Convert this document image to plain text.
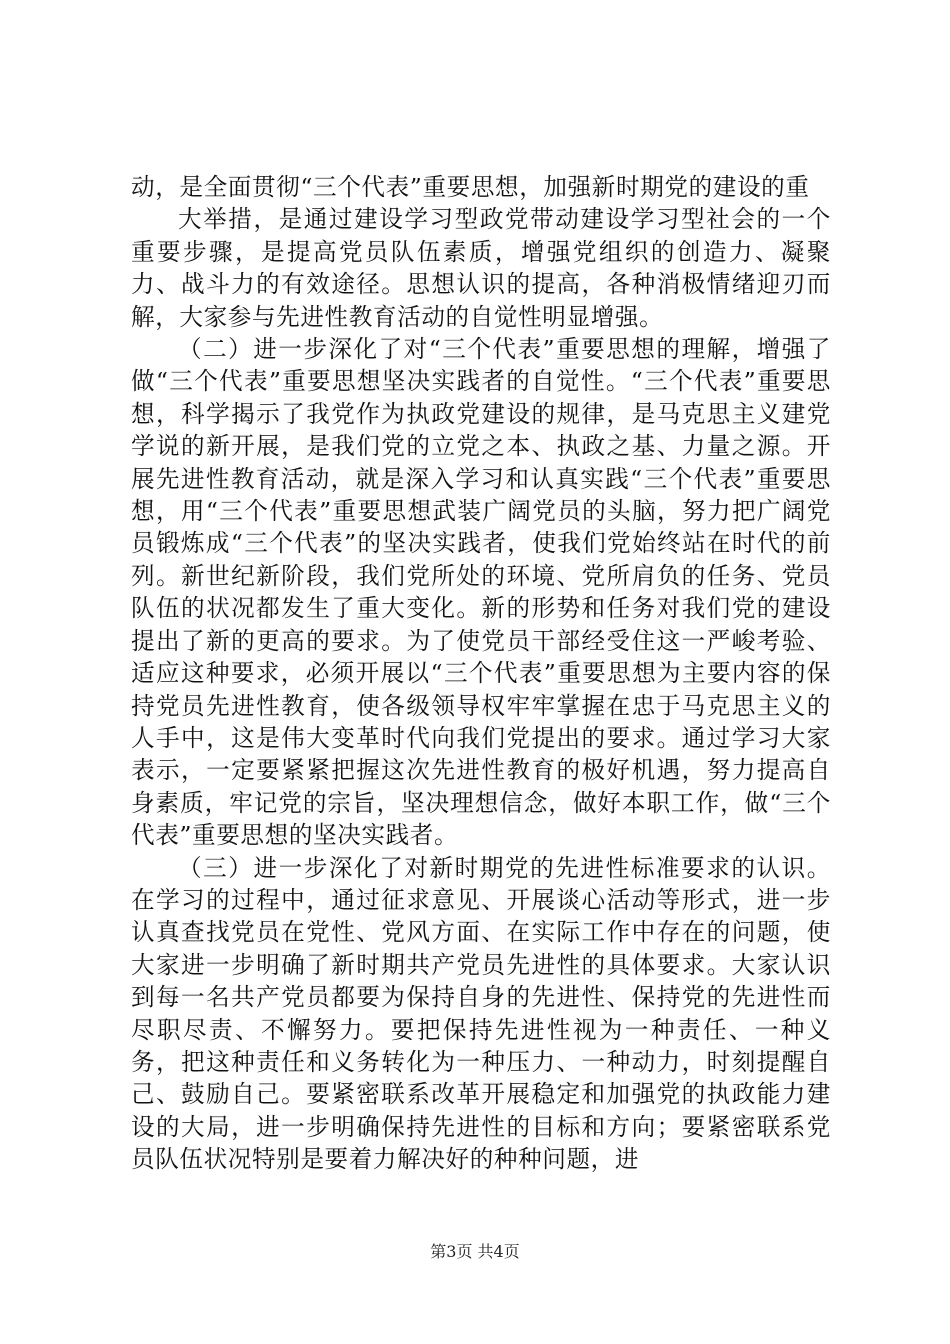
动，是全面贯彻“三个代表”重要思想，加强新时期党的建设的重

大举措，是通过建设学习型政党带动建设学习型社会的一个重要步骤，是提高党员队伍素质，增强党组织的创造力、凝聚力、战斗力的有效途径。思想认识的提高，各种消极情绪迎刃而解，大家参与先进性教育活动的自觉性明显增强。

（二）进一步深化了对“三个代表”重要思想的理解，增强了做“三个代表”重要思想坚决实践者的自觉性。“三个代表”重要思想，科学揭示了我党作为执政党建设的规律，是马克思主义建党学说的新开展，是我们党的立党之本、执政之基、力量之源。开展先进性教育活动，就是深入学习和认真实践“三个代表”重要思想，用“三个代表”重要思想武装广阔党员的头脑，努力把广阔党员锻炼成“三个代表”的坚决实践者，使我们党始终站在时代的前列。新世纪新阶段，我们党所处的环境、党所肩负的任务、党员队伍的状况都发生了重大变化。新的形势和任务对我们党的建设提出了新的更高的要求。为了使党员干部经受住这一严峻考验、适应这种要求，必须开展以“三个代表”重要思想为主要内容的保持党员先进性教育，使各级领导权牢牢掌握在忠于马克思主义的人手中，这是伟大变革时代向我们党提出的要求。通过学习大家表示，一定要紧紧把握这次先进性教育的极好机遇，努力提高自身素质，牢记党的宗旨，坚决理想信念，做好本职工作，做“三个代表”重要思想的坚决实践者。

（三）进一步深化了对新时期党的先进性标准要求的认识。在学习的过程中，通过征求意见、开展谈心活动等形式，进一步认真查找党员在党性、党风方面、在实际工作中存在的问题，使大家进一步明确了新时期共产党员先进性的具体要求。大家认识到每一名共产党员都要为保持自身的先进性、保持党的先进性而尽职尽责、不懈努力。要把保持先进性视为一种责任、一种义务，把这种责任和义务转化为一种压力、一种动力，时刻提醒自己、鼓励自己。要紧密联系改革开展稳定和加强党的执政能力建设的大局，进一步明确保持先进性的目标和方向；要紧密联系党员队伍状况特别是要着力解决好的种种问题，进

第3页 共4页
